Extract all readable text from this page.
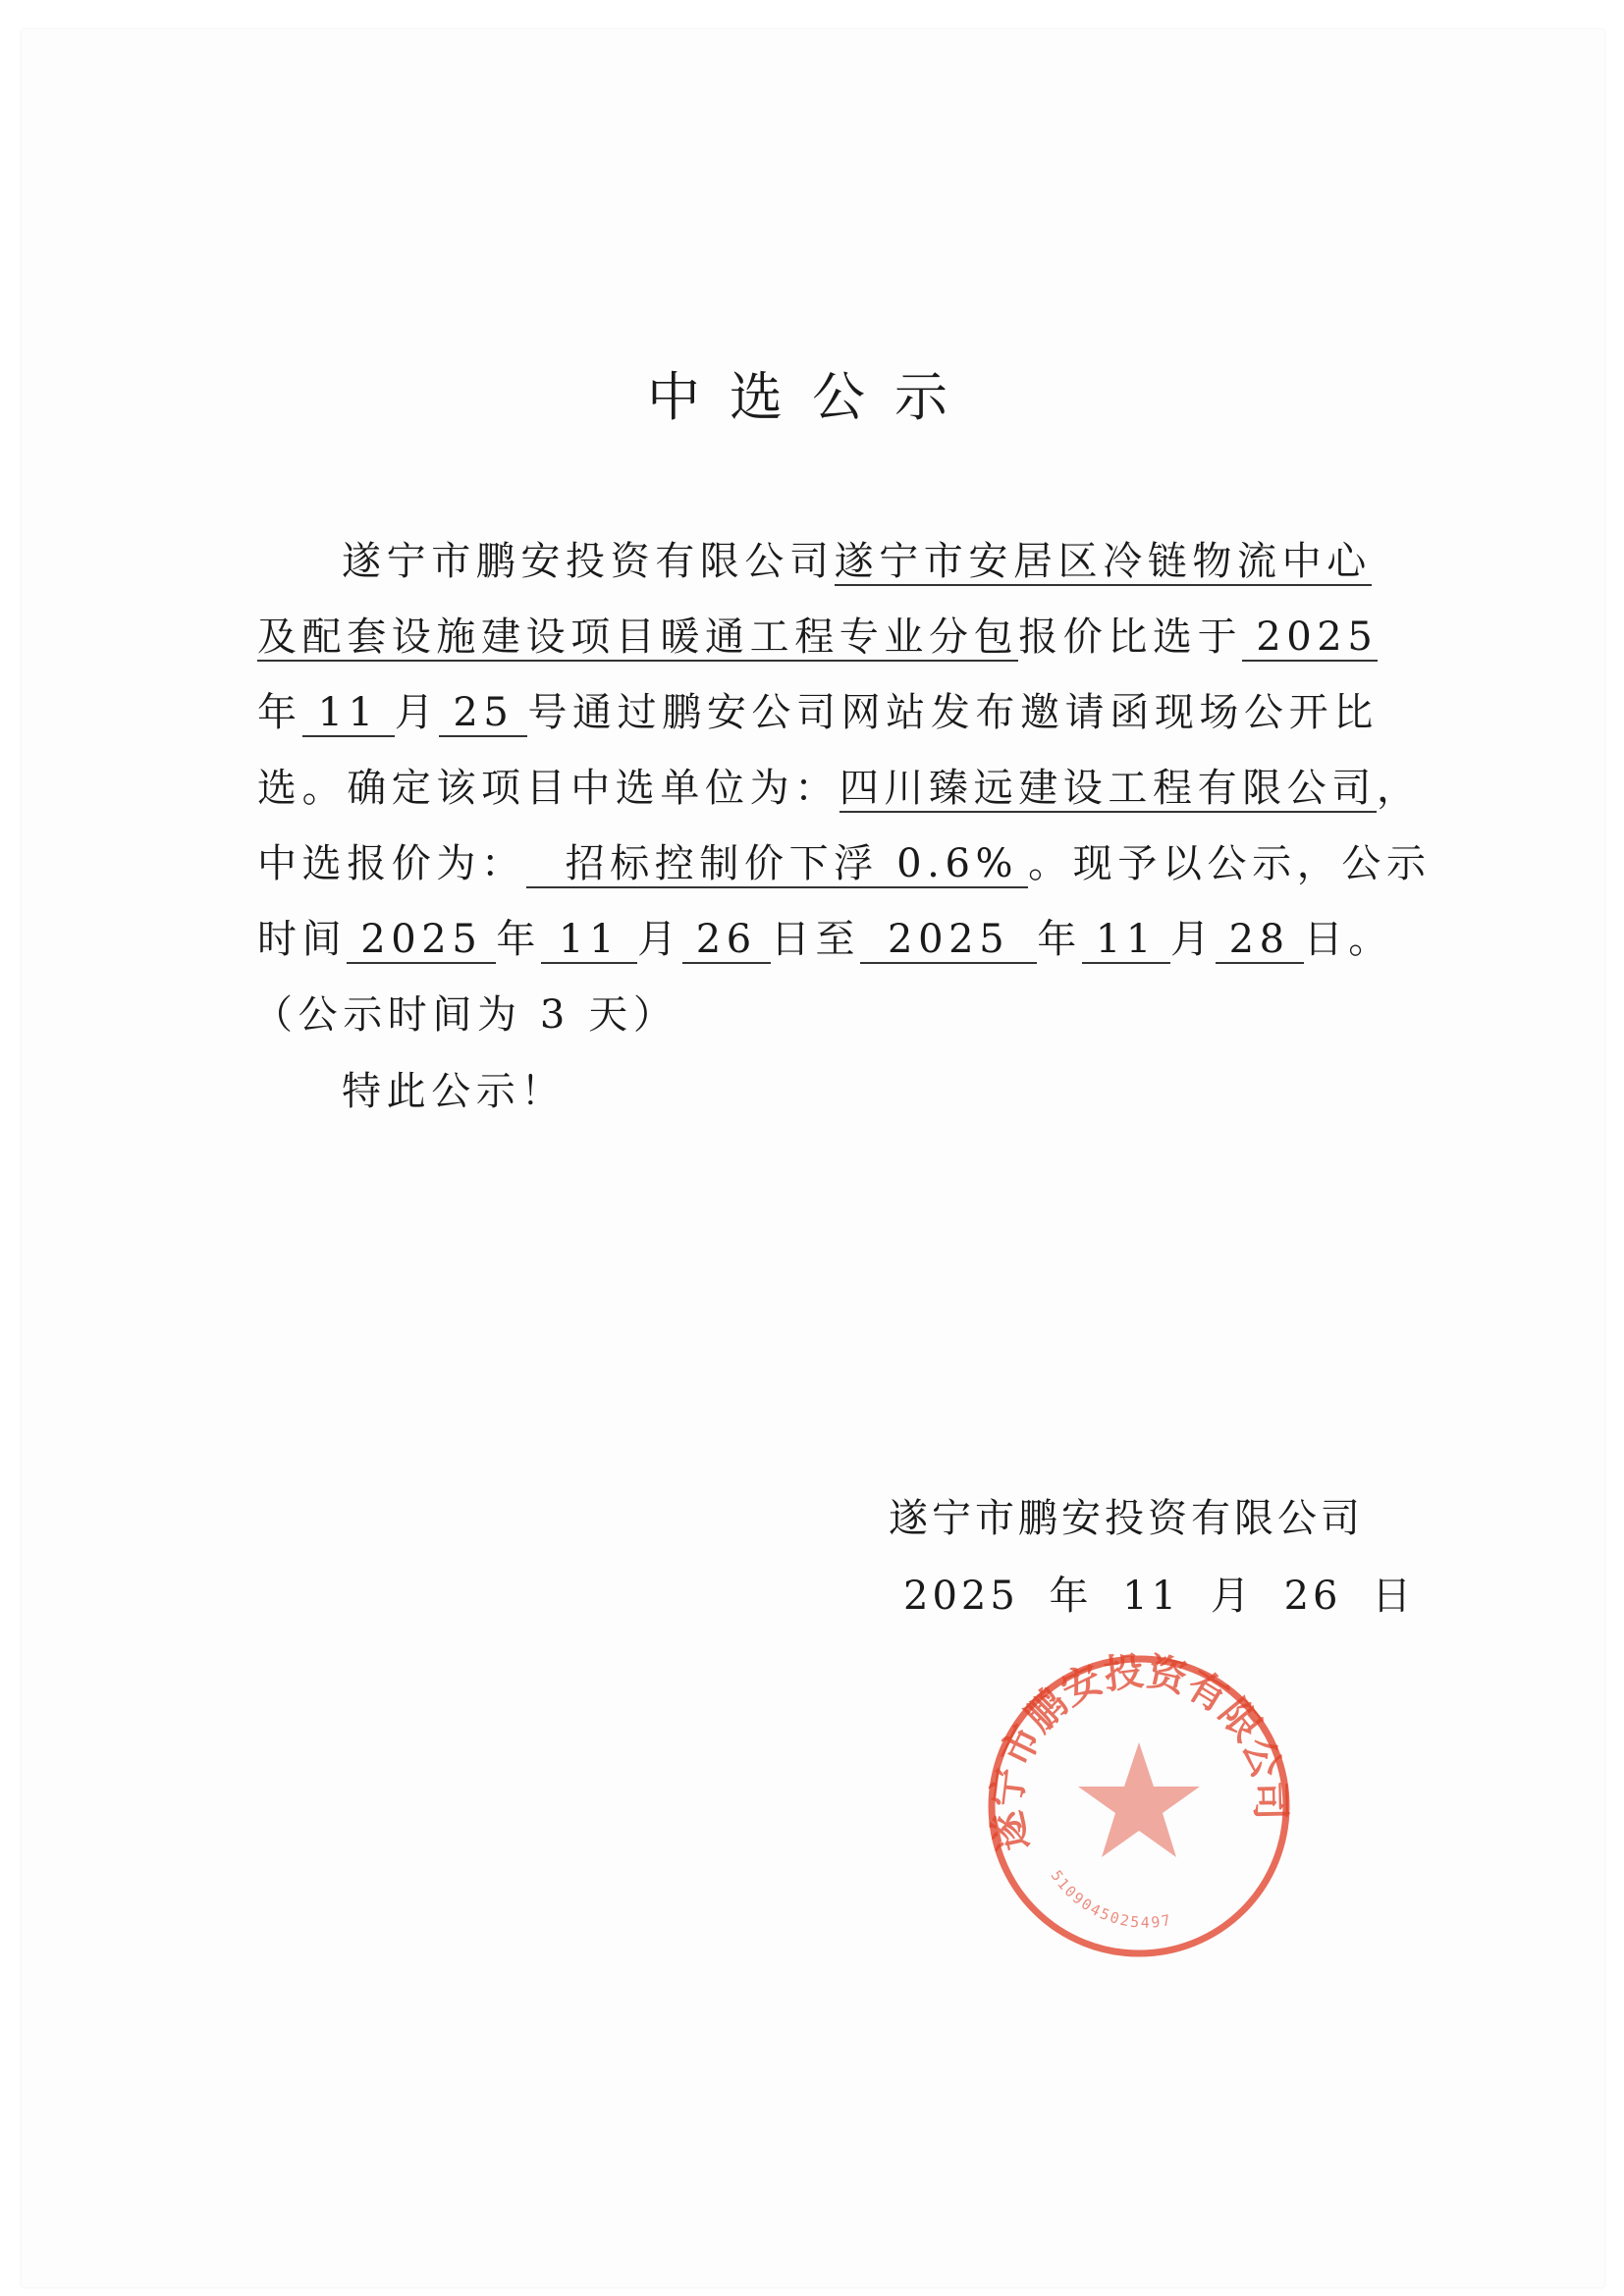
中选公示
遂宁市鹏安投资有限公司遂宁市安居区冷链物流中心
及配套设施建设项目暖通工程专业分包报价比选于 2025
年 11 月 25 号通过鹏安公司网站发布邀请函现场公开比
选。确定该项目中选单位为：四川臻远建设工程有限公司，
中选报价为： 招标控制价下浮 0.6% 。现予以公示，公示
时间 2025 年 11 月 26 日至 2025 年 11 月 28 日。
（公示时间为 3 天）
特此公示！
遂宁市鹏安投资有限公司
2025 年 11 月 26 日
遂宁市鹏安投资有限公司
5109045025497
